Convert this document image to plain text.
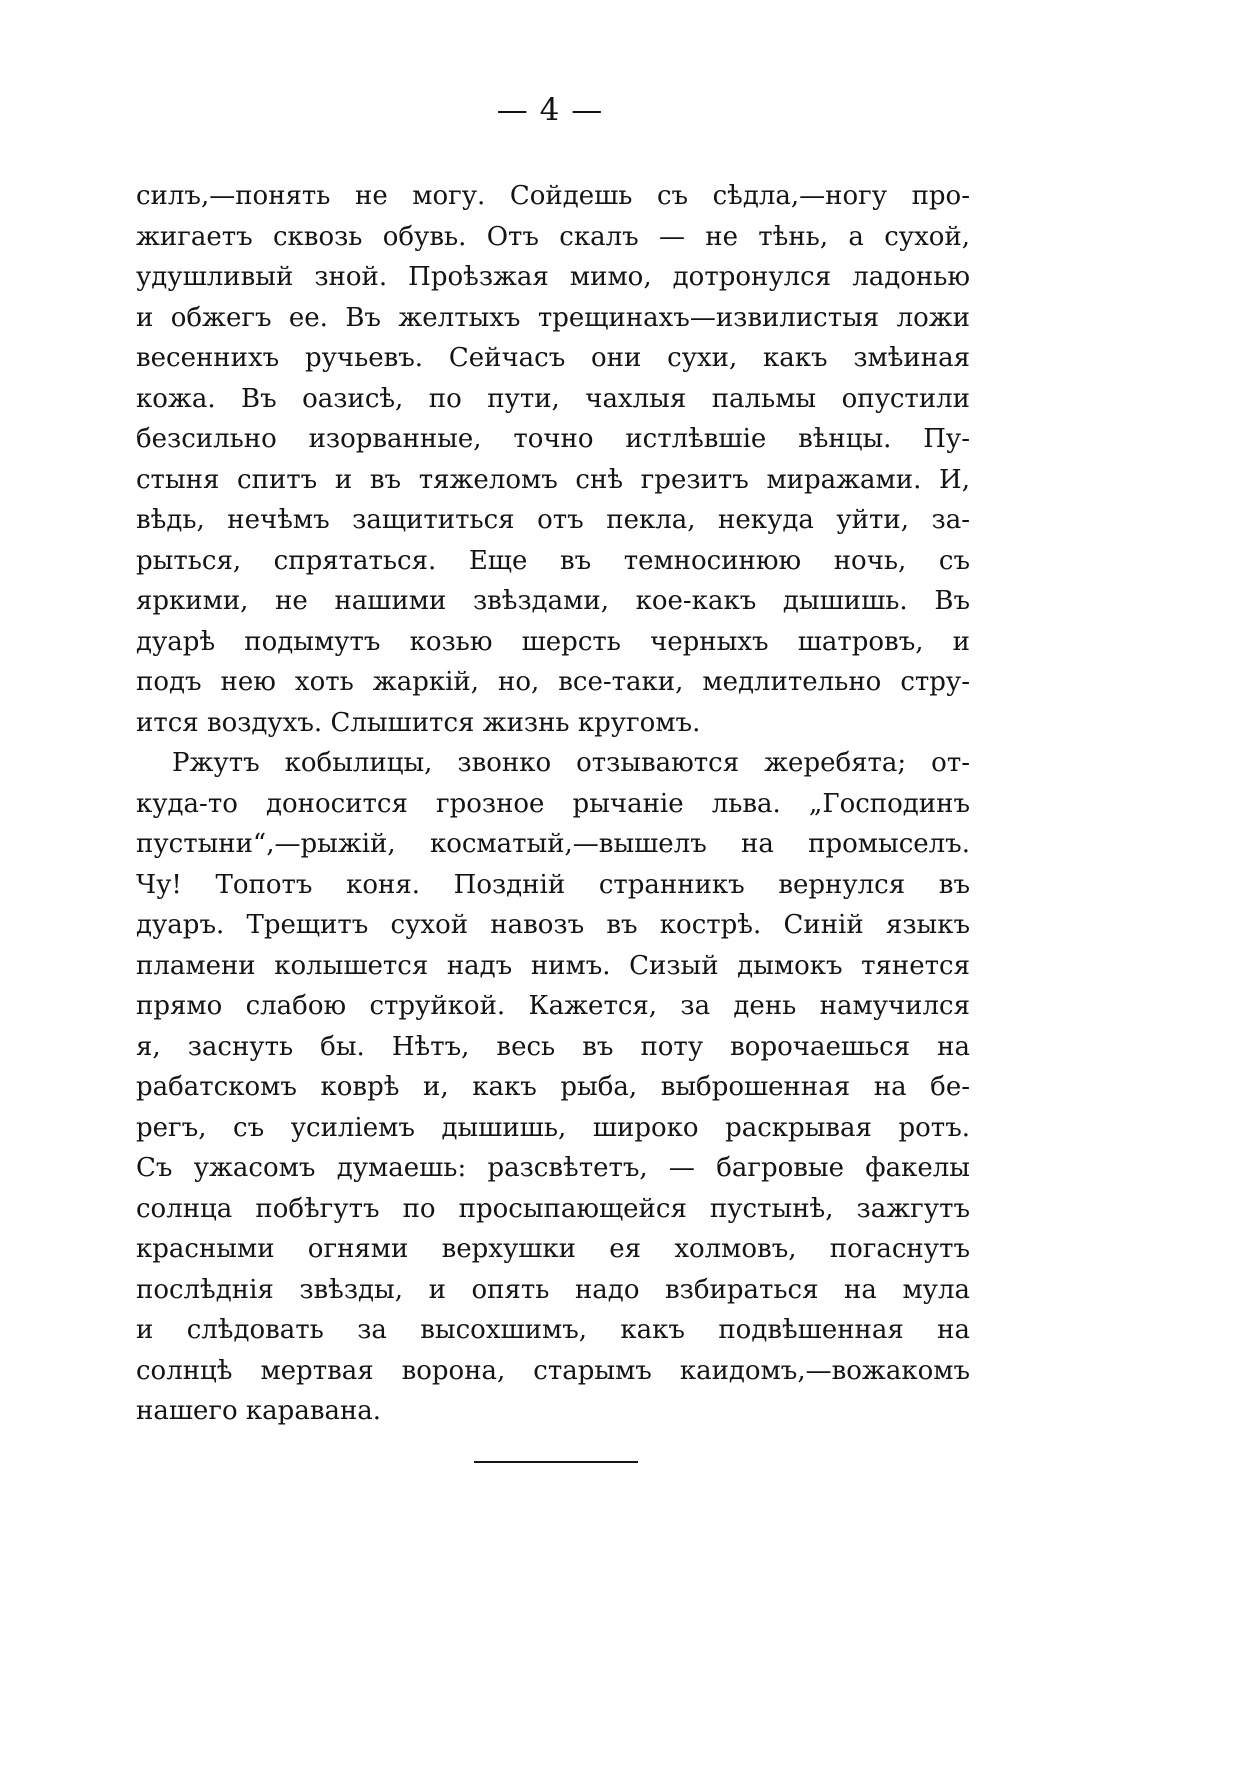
— 4 —
силъ,—понять не могу. Сойдешь съ сѣдла,—ногу про-
жигаетъ сквозь обувь. Отъ скалъ — не тѣнь, а сухой,
удушливый зной. Проѣзжая мимо, дотронулся ладонью
и обжегъ ее. Въ желтыхъ трещинахъ—извилистыя ложи
весеннихъ ручьевъ. Сейчасъ они сухи, какъ змѣиная
кожа. Въ оазисѣ, по пути, чахлыя пальмы опустили
безсильно изорванные, точно истлѣвшіе вѣнцы. Пу-
стыня спитъ и въ тяжеломъ снѣ грезитъ миражами. И,
вѣдь, нечѣмъ защититься отъ пекла, некуда уйти, за-
рыться, спрятаться. Еще въ темносинюю ночь, съ
яркими, не нашими звѣздами, кое-какъ дышишь. Въ
дуарѣ подымутъ козью шерсть черныхъ шатровъ, и
подъ нею хоть жаркій, но, все-таки, медлительно стру-
ится воздухъ. Слышится жизнь кругомъ.
Ржутъ кобылицы, звонко отзываются жеребята; от-
куда-то доносится грозное рычаніе льва. „Господинъ
пустыни“,—рыжій, косматый,—вышелъ на промыселъ.
Чу! Топотъ коня. Поздній странникъ вернулся въ
дуаръ. Трещитъ сухой навозъ въ кострѣ. Синій языкъ
пламени колышется надъ нимъ. Сизый дымокъ тянется
прямо слабою струйкой. Кажется, за день намучился
я, заснуть бы. Нѣтъ, весь въ поту ворочаешься на
рабатскомъ коврѣ и, какъ рыба, выброшенная на бе-
регъ, съ усиліемъ дышишь, широко раскрывая ротъ.
Съ ужасомъ думаешь: разсвѣтетъ, — багровые факелы
солнца побѣгутъ по просыпающейся пустынѣ, зажгутъ
красными огнями верхушки ея холмовъ, погаснутъ
послѣднія звѣзды, и опять надо взбираться на мула
и слѣдовать за высохшимъ, какъ подвѣшенная на
солнцѣ мертвая ворона, старымъ каидомъ,—вожакомъ
нашего каравана.
